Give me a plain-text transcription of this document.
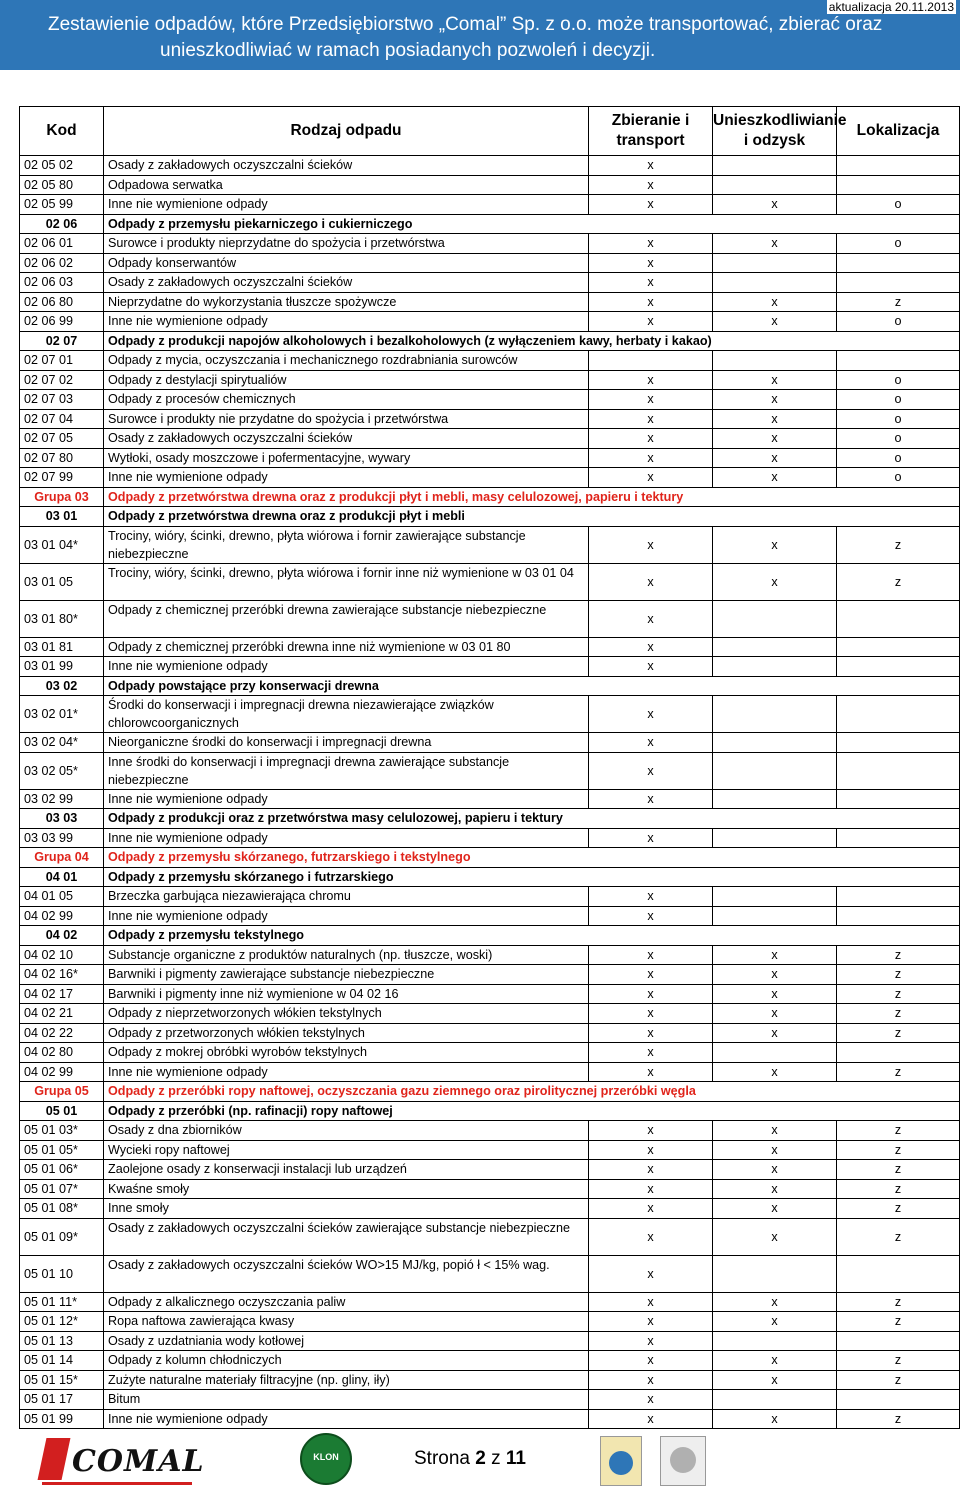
aktualizacja 20.11.2013
Zestawienie odpadów, które Przedsiębiorstwo „Comal” Sp. z o.o. może transportować, zbierać oraz
unieszkodliwiać w ramach posiadanych pozwoleń i decyzji.
Kod	Rodzaj odpadu	Zbieranie i transport	Unieszkodliwianie i odzysk	Lokalizacja
02 05 02	Osady z zakładowych oczyszczalni ścieków	x		
02 05 80	Odpadowa serwatka	x		
02 05 99	Inne nie wymienione odpady	x	x	o
02 06	Odpady z przemysłu piekarniczego i cukierniczego			
02 06 01	Surowce i produkty nieprzydatne do spożycia i przetwórstwa	x	x	o
02 06 02	Odpady konserwantów	x		
02 06 03	Osady z zakładowych oczyszczalni ścieków	x		
02 06 80	Nieprzydatne do wykorzystania tłuszcze spożywcze	x	x	z
02 06 99	Inne nie wymienione odpady	x	x	o
02 07	Odpady z produkcji napojów alkoholowych i bezalkoholowych (z wyłączeniem kawy, herbaty i kakao)			
02 07 01	Odpady z mycia, oczyszczania i mechanicznego rozdrabniania surowców			
02 07 02	Odpady z destylacji spirytualiów	x	x	o
02 07 03	Odpady z procesów chemicznych	x	x	o
02 07 04	Surowce i produkty nie przydatne do spożycia i przetwórstwa	x	x	o
02 07 05	Osady z zakładowych oczyszczalni ścieków	x	x	o
02 07 80	Wytłoki, osady moszczowe i pofermentacyjne, wywary	x	x	o
02 07 99	Inne nie wymienione odpady	x	x	o
Grupa 03	Odpady z przetwórstwa drewna oraz z produkcji płyt i mebli, masy celulozowej, papieru i tektury			
03 01	Odpady z przetwórstwa drewna oraz z produkcji płyt i mebli			
03 01 04*	Trociny, wióry, ścinki, drewno, płyta wiórowa i fornir zawierające substancje niebezpieczne	x	x	z
03 01 05	Trociny, wióry, ścinki, drewno, płyta wiórowa i fornir inne niż wymienione w 03 01 04	x	x	z
03 01 80*	Odpady z chemicznej przeróbki drewna zawierające substancje niebezpieczne	x		
03 01 81	Odpady z chemicznej przeróbki drewna inne niż wymienione w 03 01 80	x		
03 01 99	Inne nie wymienione odpady	x		
03 02	Odpady powstające przy konserwacji drewna			
03 02 01*	Środki do konserwacji i impregnacji drewna niezawierające związków chlorowcoorganicznych	x		
03 02 04*	Nieorganiczne środki do konserwacji i impregnacji drewna	x		
03 02 05*	Inne środki do konserwacji i impregnacji drewna zawierające substancje niebezpieczne	x		
03 02 99	Inne nie wymienione odpady	x		
03 03	Odpady z produkcji oraz z przetwórstwa masy celulozowej, papieru i tektury			
03 03 99	Inne nie wymienione odpady	x		
Grupa 04	Odpady z przemysłu skórzanego, futrzarskiego i tekstylnego			
04 01	Odpady z przemysłu skórzanego i futrzarskiego			
04 01 05	Brzeczka garbująca niezawierająca chromu	x		
04 02 99	Inne nie wymienione odpady	x		
04 02	Odpady z przemysłu tekstylnego			
04 02 10	Substancje organiczne z produktów naturalnych (np. tłuszcze, woski)	x	x	z
04 02 16*	Barwniki i pigmenty zawierające substancje niebezpieczne	x	x	z
04 02 17	Barwniki i pigmenty inne niż wymienione w 04 02 16	x	x	z
04 02 21	Odpady z nieprzetworzonych włókien tekstylnych	x	x	z
04 02 22	Odpady z przetworzonych włókien tekstylnych	x	x	z
04 02 80	Odpady z mokrej obróbki wyrobów tekstylnych	x		
04 02 99	Inne nie wymienione odpady	x	x	z
Grupa 05	Odpady z przeróbki ropy naftowej, oczyszczania gazu ziemnego oraz pirolitycznej przeróbki węgla			
05 01	Odpady z przeróbki (np. rafinacji) ropy naftowej			
05 01 03*	Osady z dna zbiorników	x	x	z
05 01 05*	Wycieki ropy naftowej	x	x	z
05 01 06*	Zaolejone osady z konserwacji instalacji lub urządzeń	x	x	z
05 01 07*	Kwaśne smoły	x	x	z
05 01 08*	Inne smoły	x	x	z
05 01 09*	Osady z zakładowych oczyszczalni ścieków zawierające substancje niebezpieczne	x	x	z
05 01 10	Osady z zakładowych oczyszczalni ścieków WO>15 MJ/kg, popió ł < 15% wag.	x		
05 01 11*	Odpady z alkalicznego oczyszczania paliw	x	x	z
05 01 12*	Ropa naftowa zawierająca kwasy	x	x	z
05 01 13	Osady z uzdatniania wody kotłowej	x		
05 01 14	Odpady z kolumn chłodniczych	x	x	z
05 01 15*	Zużyte naturalne materiały filtracyjne (np. gliny, iły)	x	x	z
05 01 17	Bitum	x		
05 01 99	Inne nie wymienione odpady	x	x	z
COMAL	KLON	Strona 2 z 11
